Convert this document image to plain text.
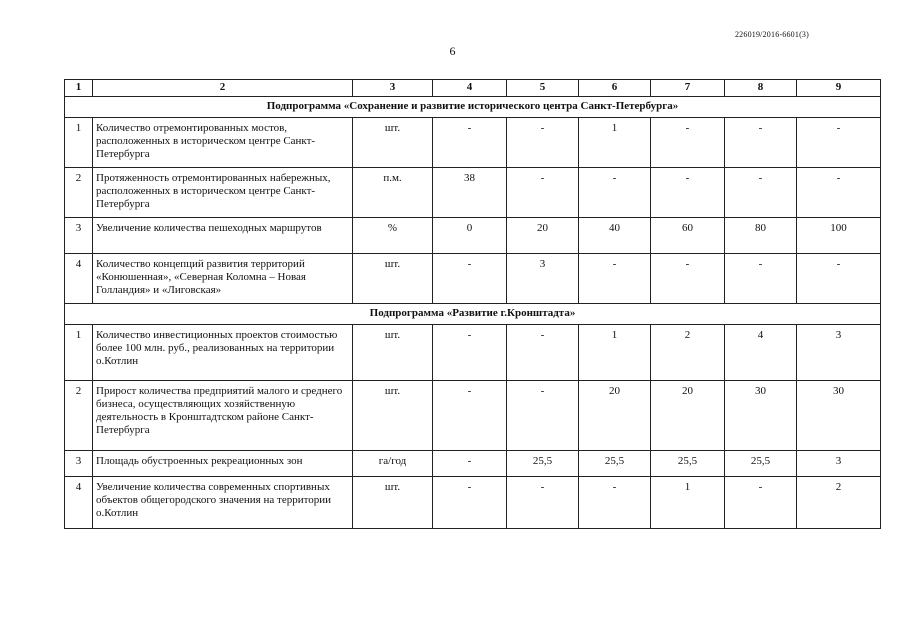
226019/2016-6601(3)
6
1	2	3	4	5	6	7	8	9
Подпрограмма «Сохранение и развитие исторического центра Санкт-Петербурга»								
1	Количество отремонтированных мостов, расположенных в историческом центре Санкт-Петербурга	шт.	-	-	1	-	-	-
2	Протяженность отремонтированных набережных, расположенных в историческом центре Санкт-Петербурга	п.м.	38	-	-	-	-	-
3	Увеличение количества пешеходных маршрутов	%	0	20	40	60	80	100
4	Количество концепций развития территорий «Конюшенная», «Северная Коломна – Новая Голландия» и «Лиговская»	шт.	-	3	-	-	-	-
Подпрограмма «Развитие г.Кронштадта»								
1	Количество инвестиционных проектов стоимостью более 100 млн. руб., реализованных на территории о.Котлин	шт.	-	-	1	2	4	3
2	Прирост количества предприятий малого и среднего бизнеса, осуществляющих хозяйственную деятельность в Кронштадтском районе Санкт-Петербурга	шт.	-	-	20	20	30	30
3	Площадь обустроенных рекреационных зон	га/год	-	25,5	25,5	25,5	25,5	3
4	Увеличение количества современных спортивных объектов общегородского значения на территории о.Котлин	шт.	-	-	-	1	-	2
